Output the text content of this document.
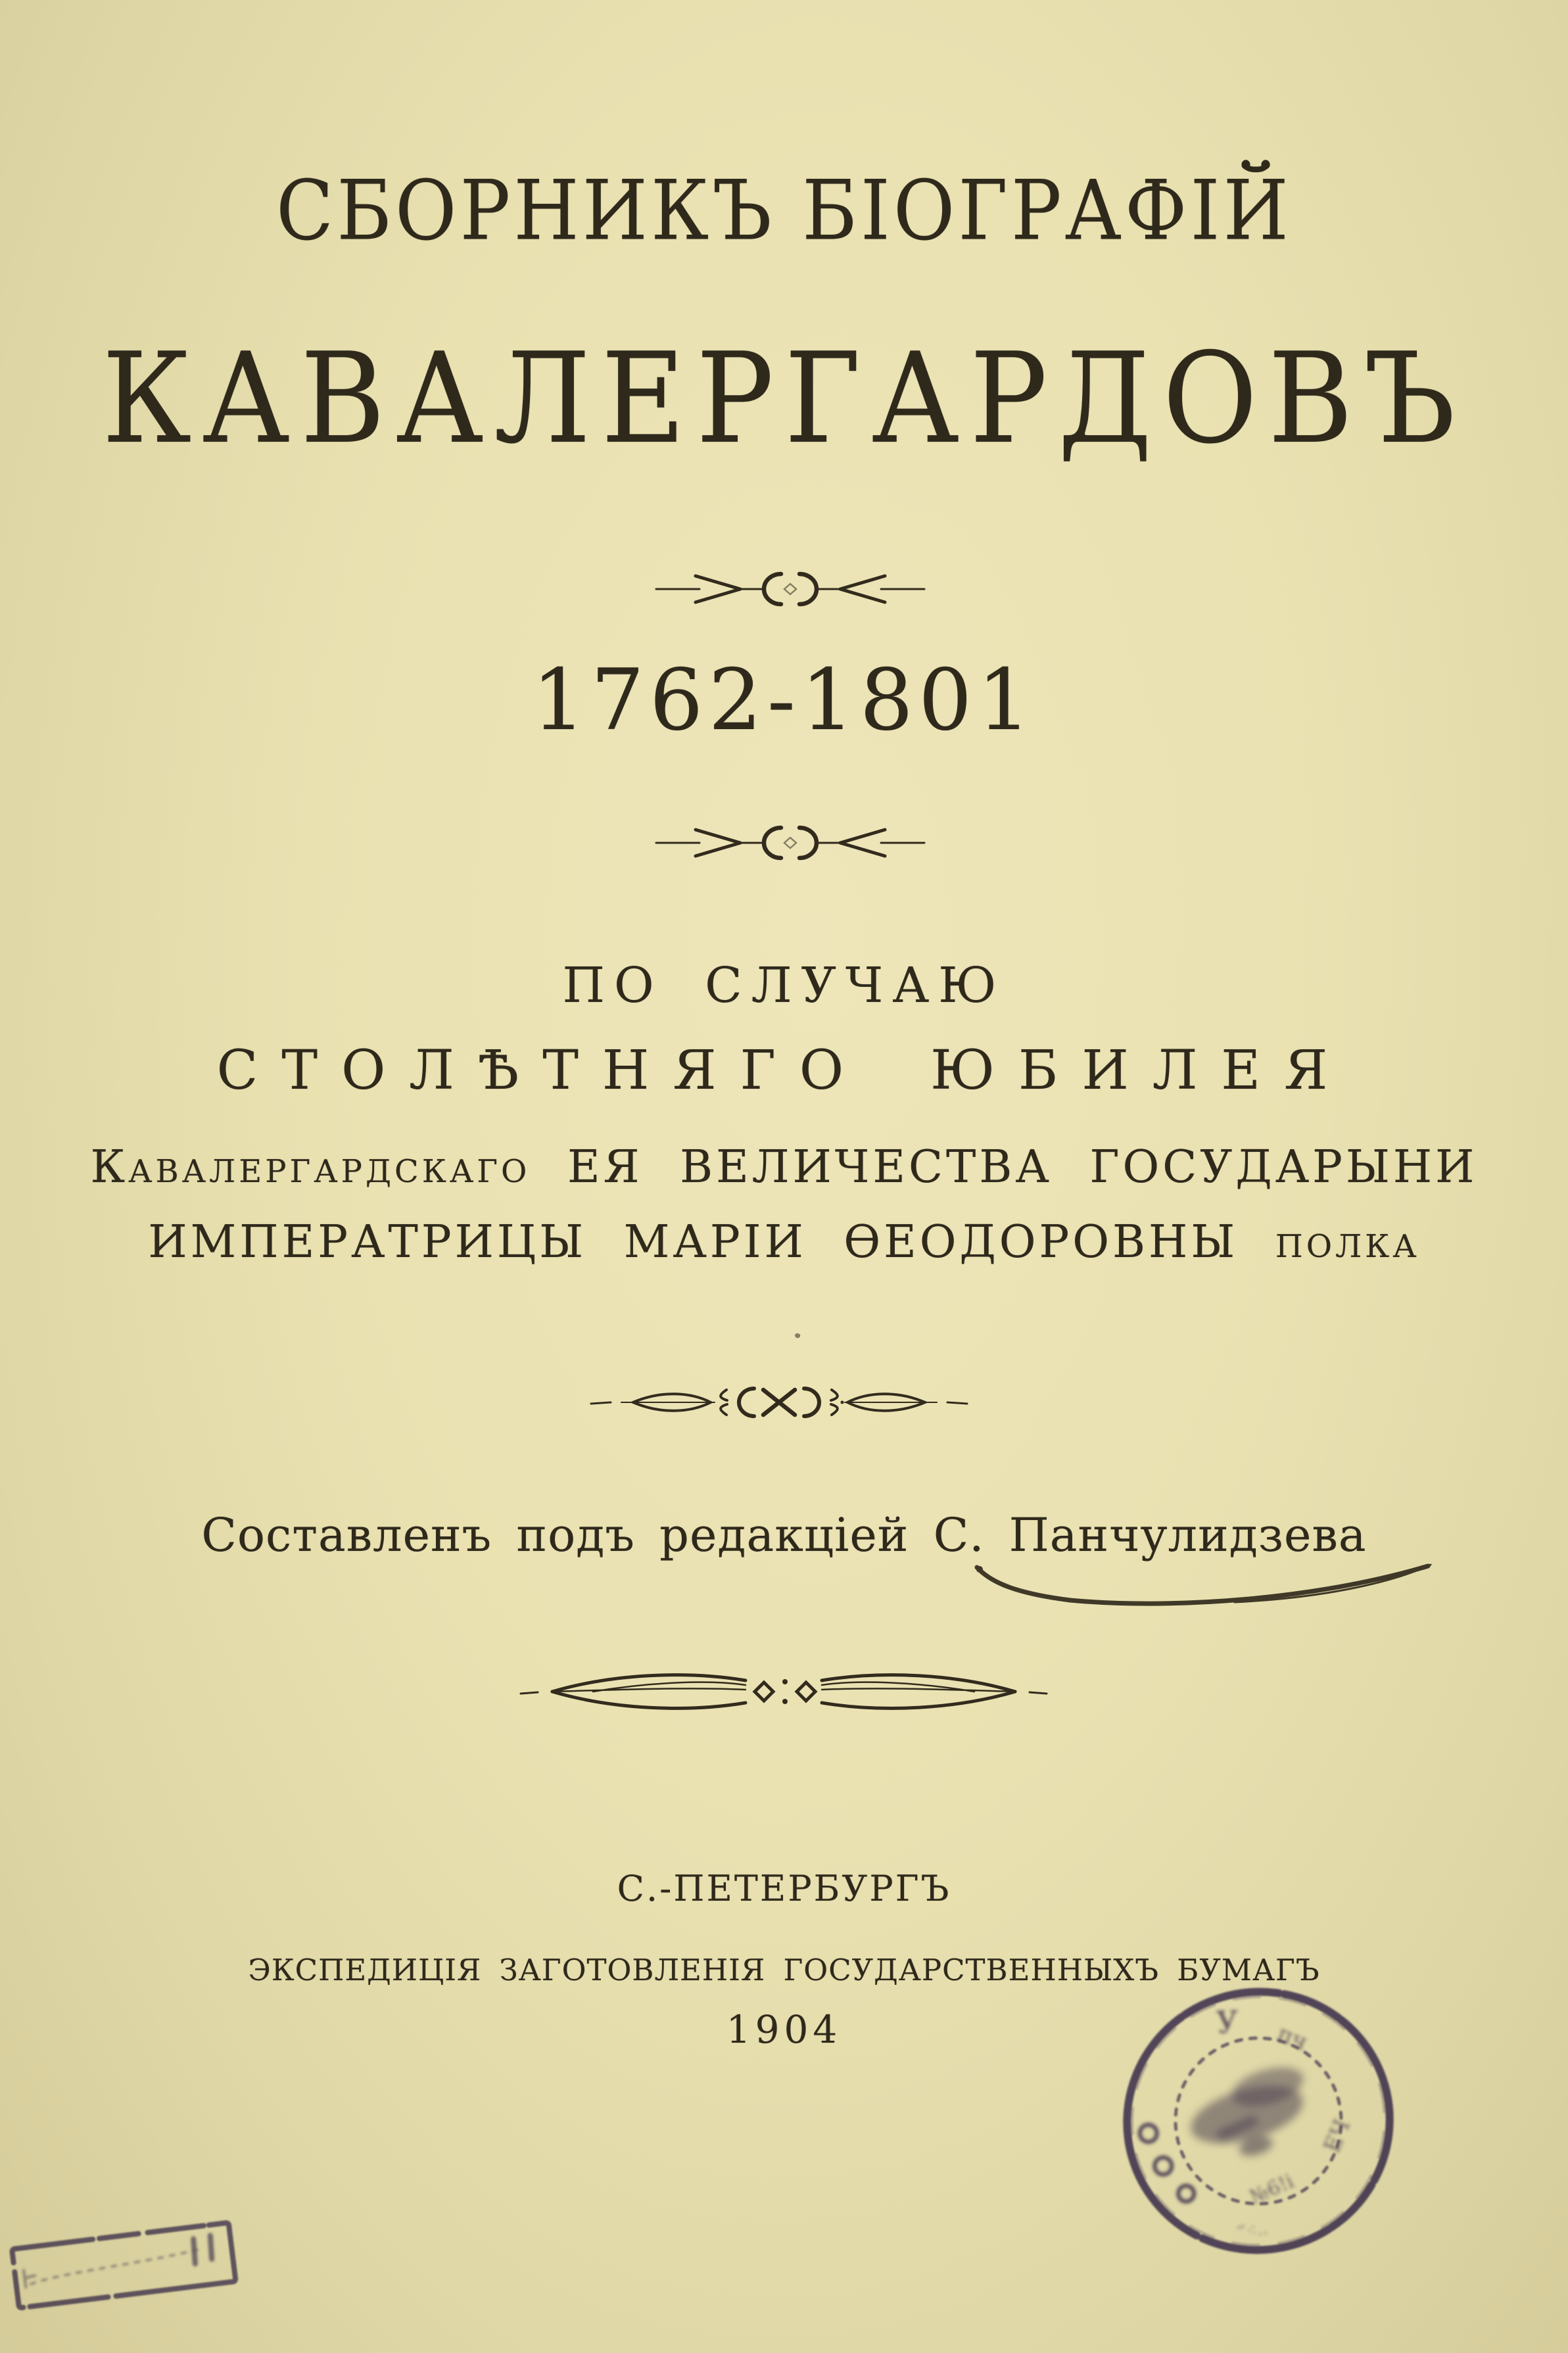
СБОРНИКЪ БІОГРАФІЙ
КАВАЛЕРГАРДОВЪ
1762-1801
ПО СЛУЧАЮ
СТОЛѢТНЯГО ЮБИЛЕЯ
Кавалергардскаго ЕЯ ВЕЛИЧЕСТВА ГОСУДАРЫНИ
ИМПЕРАТРИЦЫ МАРІИ ѲЕОДОРОВНЫ полка
Составленъ подъ редакціей С. Панчулидзева
С.-ПЕТЕРБУРГЪ
ЭКСПЕДИЦІЯ ЗАГОТОВЛЕНІЯ ГОСУДАРСТВЕННЫХЪ БУМАГЪ
1904	У пч
ЕЧ
№6!і
‴⁖‥
